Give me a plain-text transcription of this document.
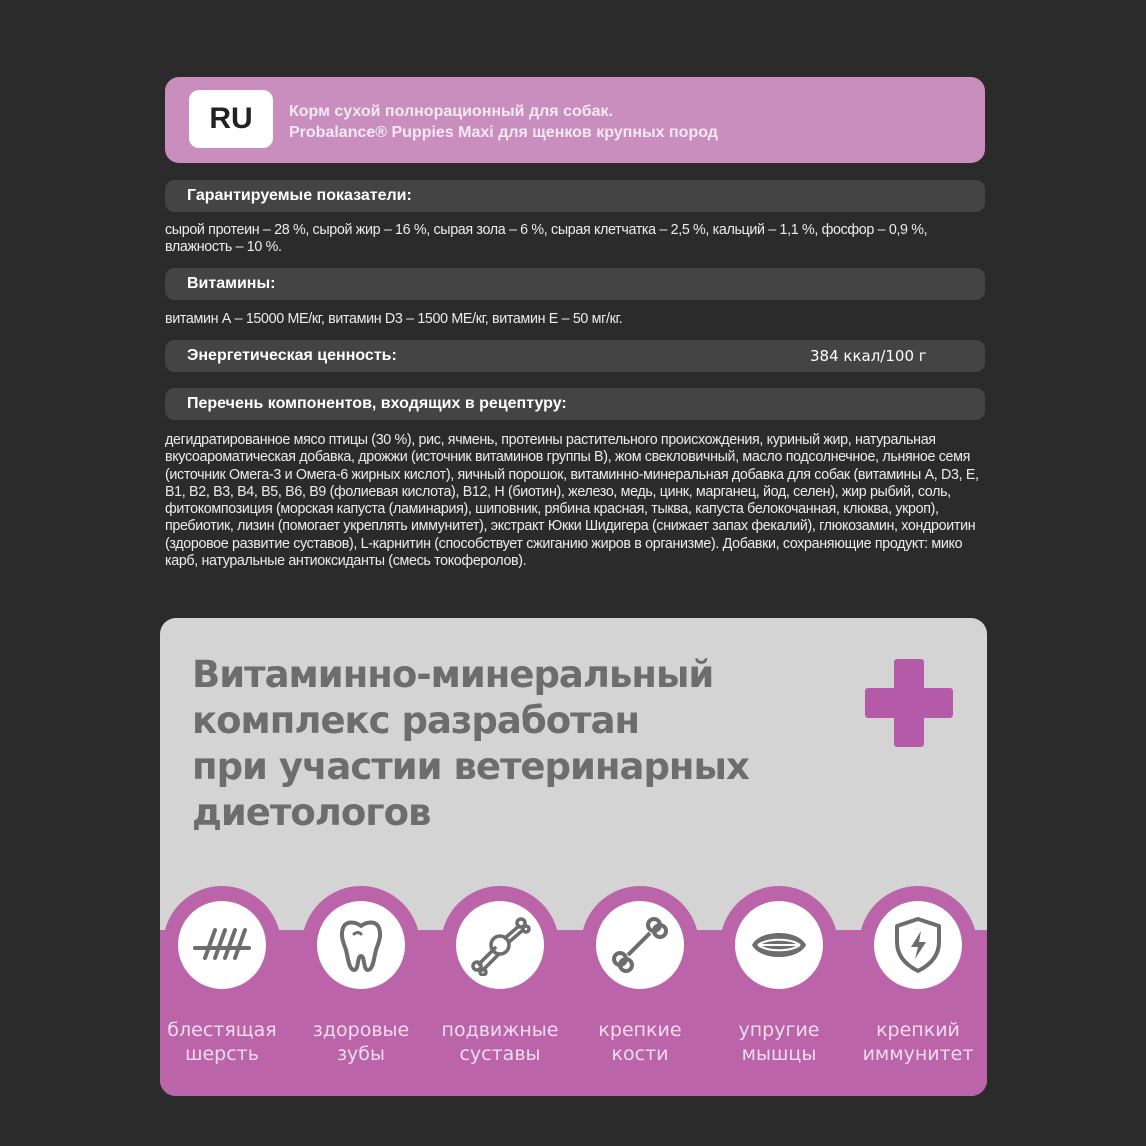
RU	Корм сухой полнорационный для собак.
Probalance® Puppies Maxi для щенков крупных пород
Гарантируемые показатели:
сырой протеин – 28 %, сырой жир – 16 %, сырая зола – 6 %, сырая клетчатка – 2,5 %, кальций – 1,1 %, фосфор – 0,9 %, влажность – 10 %.
Витамины:
витамин А – 15000 МЕ/кг, витамин D3 – 1500 МЕ/кг, витамин Е – 50 мг/кг.
Энергетическая ценность:	384 ккал/100 г
Перечень компонентов, входящих в рецептуру:
дегидратированное мясо птицы (30 %), рис, ячмень, протеины растительного происхождения, куриный жир, натуральная вкусоароматическая добавка, дрожжи (источник витаминов группы В), жом свекловичный, масло подсолнечное, льняное семя (источник Омега-3 и Омега-6 жирных кислот), яичный порошок, витаминно-минеральная добавка для собак (витамины A, D3, E, B1, B2, B3, B4, B5, B6, B9 (фолиевая кислота), B12, H (биотин), железо, медь, цинк, марганец, йод, селен), жир рыбий, соль, фитокомпозиция (морская капуста (ламинария), шиповник, рябина красная, тыква, капуста белокочанная, клюква, укроп), пребиотик, лизин (помогает укреплять иммунитет), экстракт Юкки Шидигера (снижает запах фекалий), глюкозамин, хондроитин (здоровое развитие суставов), L-карнитин (способствует сжиганию жиров в организме). Добавки, сохраняющие продукт: мико карб, натуральные антиоксиданты (смесь токоферолов).
Витаминно-минеральный
комплекс разработан
при участии ветеринарных
диетологов
блестящая
шерсть
здоровые
зубы
подвижные
суставы
крепкие
кости
упругие
мышцы
крепкий
иммунитет
